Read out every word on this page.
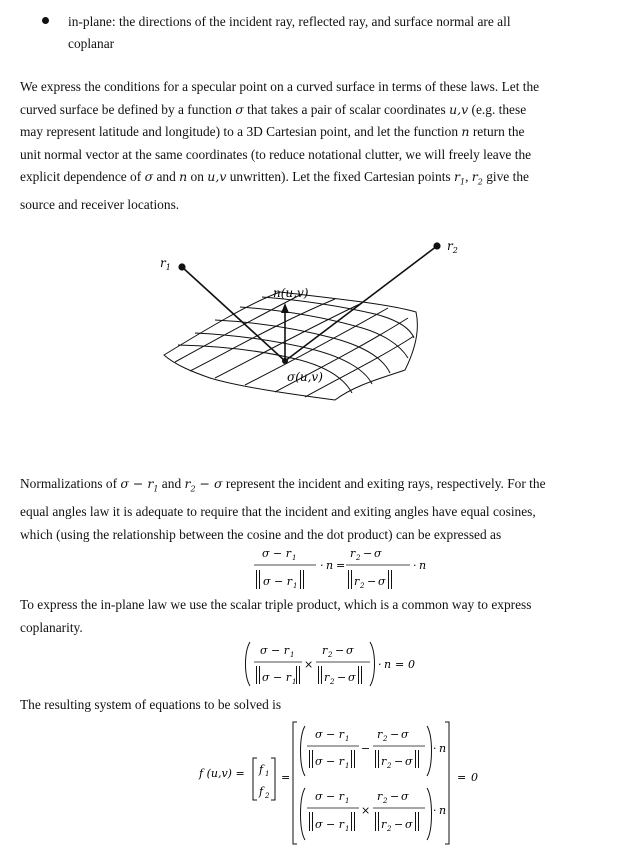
in-plane: the directions of the incident ray, reflected ray, and surface normal are all
coplanar
We express the conditions for a specular point on a curved surface in terms of these laws. Let the
curved surface be defined by a function σ that takes a pair of scalar coordinates u,v (e.g. these
may represent latitude and longitude) to a 3D Cartesian point, and let the function n return the
unit normal vector at the same coordinates (to reduce notational clutter, we will freely leave the
explicit dependence of σ and n on u,v unwritten). Let the fixed Cartesian points $r_1$, $r_2$ give the
source and receiver locations.
$r_1$
$r_2$
n(u,v)
σ(u,v)
Normalizations of $\sigma - r_1$ and $r_2 - \sigma$ represent the incident and exiting rays, respectively. For the
equal angles law it is adequate to require that the incident and exiting angles have equal cosines,
which (using the relationship between the cosine and the dot product) can be expressed as
σ − r 1
σ − r 1
· n =
r 2 − σ
r 2 − σ
· n
To express the in-plane law we use the scalar triple product, which is a common way to express
coplanarity.
σ − r 1
σ − r 1
×
r 2 − σ
r 2 − σ
· n = 0
The resulting system of equations to be solved is
f (u,v) = f 1
f 2
=
σ − r 1
σ − r 1
−
r 2 − σ
r 2 − σ
· n
σ − r 1
σ − r 1
×
r 2 − σ
r 2 − σ
· n
= 0
